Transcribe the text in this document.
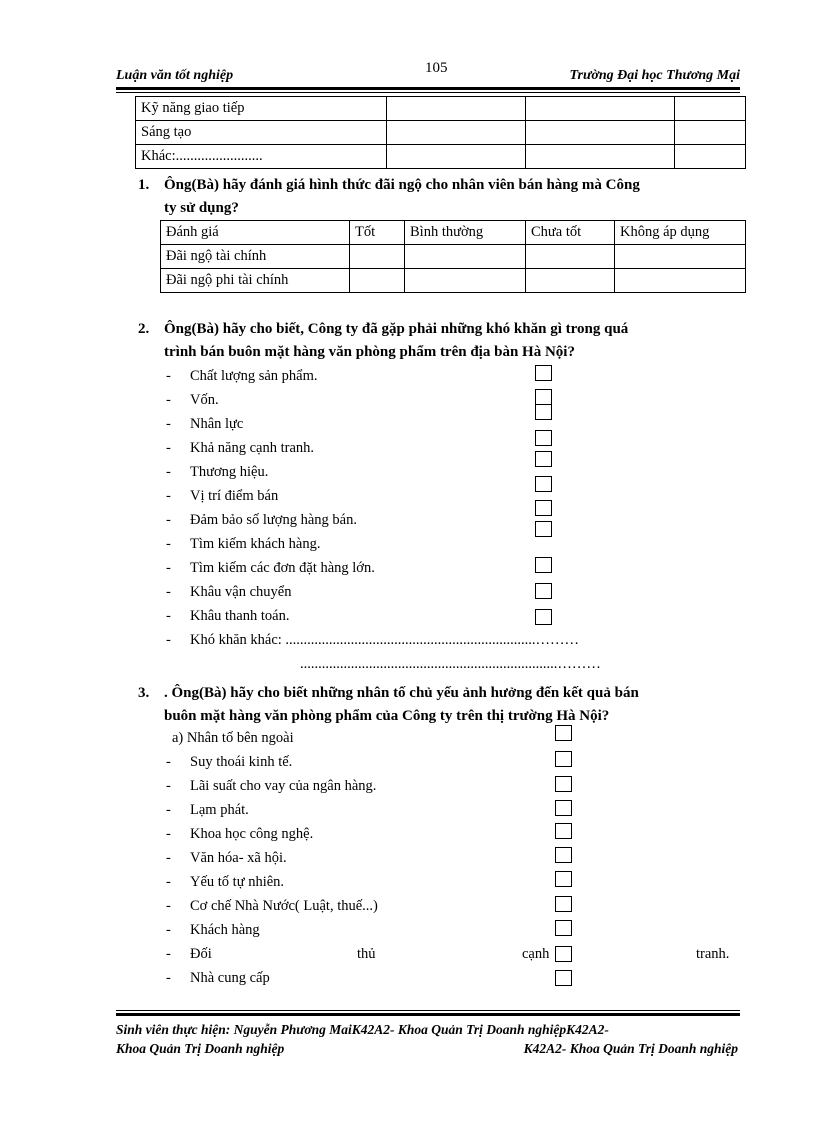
105
Luận văn tốt nghiệp	Trường Đại học Thương Mại
Kỹ năng giao tiếp			
Sáng tạo			
Khác:........................			
1. Ông(Bà) hãy đánh giá hình thức đãi ngộ cho nhân viên bán hàng mà Công
ty sử dụng?
Đánh giá	Tốt	Bình thường	Chưa tốt	Không áp dụng
Đãi ngộ tài chính				
Đãi ngộ phi tài chính				
2. Ông(Bà) hãy cho biết, Công ty đã gặp phải những khó khăn gì trong quá
trình bán buôn mặt hàng văn phòng phẩm trên địa bàn Hà Nội?
- Chất lượng sản phẩm.
- Vốn.
- Nhân lực
- Khả năng cạnh tranh.
- Thương hiệu.
- Vị trí điểm bán
- Đảm bảo số lượng hàng bán.
- Tìm kiếm khách hàng.
- Tìm kiếm các đơn đặt hàng lớn.
- Khâu vận chuyển
- Khâu thanh toán.
- Khó khăn khác: .....................................................................………
.......................................................................………
3. . Ông(Bà) hãy cho biết những nhân tố chủ yếu ảnh hưởng đến kết quả bán
buôn mặt hàng văn phòng phẩm của Công ty trên thị trường Hà Nội?
a) Nhân tố bên ngoài
- Suy thoái kinh tế.
- Lãi suất cho vay của ngân hàng.
- Lạm phát.
- Khoa học công nghệ.
- Văn hóa- xã hội.
- Yếu tố tự nhiên.
- Cơ chế Nhà Nước( Luật, thuế...)
- Khách hàng
- Đối	thủ	cạnh	tranh.
- Nhà cung cấp
Sinh viên thực hiện: Nguyễn Phương MaiK42A2- Khoa Quản Trị Doanh nghiệpK42A2-
Khoa Quản Trị Doanh nghiệp	K42A2- Khoa Quản Trị Doanh nghiệp
